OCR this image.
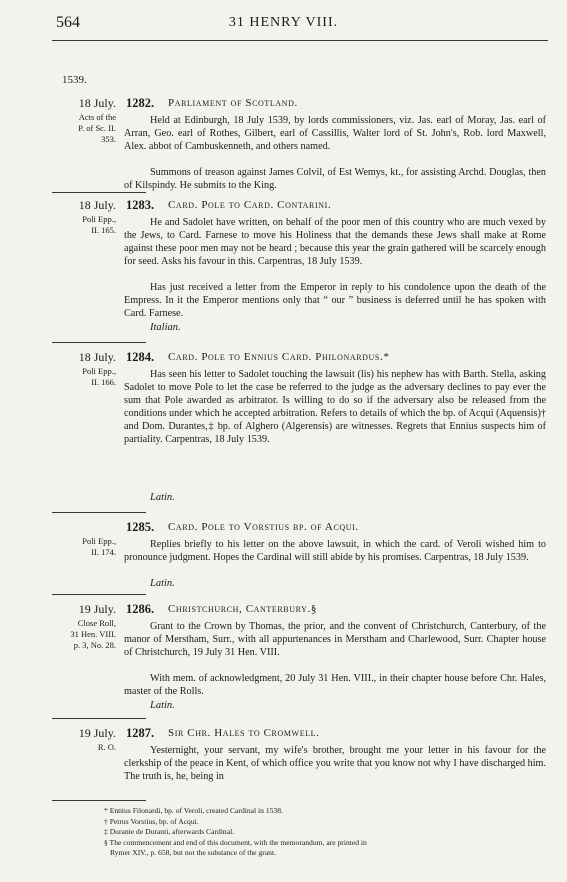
564	31 HENRY VIII.
1539.
18 July.
Acts of the
P. of Sc. II.
353.
1282. Parliament of Scotland.
Held at Edinburgh, 18 July 1539, by lords commissioners, viz. Jas. earl of Moray, Jas. earl of Arran, Geo. earl of Rothes, Gilbert, earl of Cassillis, Walter lord of St. John's, Rob. lord Maxwell, Alex. abbot of Cambuskenneth, and others named.
Summons of treason against James Colvil, of Est Wemys, kt., for assisting Archd. Douglas, then of Kilspindy. He submits to the King.
18 July.
Poli Epp.,
II. 165.
1283. Card. Pole to Card. Contarini.
He and Sadolet have written, on behalf of the poor men of this country who are much vexed by the Jews, to Card. Farnese to move his Holiness that the demands these Jews shall make at Rome against these poor men may not be heard ; because this year the grain gathered will be scarcely enough for seed. Asks his favour in this. Carpentras, 18 July 1539.
Has just received a letter from the Emperor in reply to his condolence upon the death of the Empress. In it the Emperor mentions only that “ our ” business is deferred until he has spoken with Card. Farnese.
Italian.
18 July.
Poli Epp.,
II. 166.
1284. Card. Pole to Ennius Card. Philonardus.*
Has seen his letter to Sadolet touching the lawsuit (lis) his nephew has with Barth. Stella, asking Sadolet to move Pole to let the case be referred to the judge as the adversary declines to pay ever the sum that Pole awarded as arbitrator. Is willing to do so if the adversary also be released from the conditions under which he accepted arbitration. Refers to details of which the bp. of Acqui (Aquensis)† and Dom. Durantes,‡ bp. of Alghero (Algerensis) are witnesses. Regrets that Ennius suspects him of partiality. Carpentras, 18 July 1539.
Latin.
Poli Epp.,
II. 174.
1285. Card. Pole to Vorstius bp. of Acqui.
Replies briefly to his letter on the above lawsuit, in which the card. of Veroli wished him to pronounce judgment. Hopes the Cardinal will still abide by his promises. Carpentras, 18 July 1539.
Latin.
19 July.
Close Roll,
31 Hen. VIII.
p. 3, No. 28.
1286. Christchurch, Canterbury.§
Grant to the Crown by Thomas, the prior, and the convent of Christchurch, Canterbury, of the manor of Merstham, Surr., with all appurtenances in Merstham and Charlewood, Surr. Chapter house of Christchurch, 19 July 31 Hen. VIII.
With mem. of acknowledgment, 20 July 31 Hen. VIII., in their chapter house before Chr. Hales, master of the Rolls.
Latin.
19 July.
R. O.
1287. Sir Chr. Hales to Cromwell.
Yesternight, your servant, my wife's brother, brought me your letter in his favour for the clerkship of the peace in Kent, of which office you write that you know not why I have discharged him. The truth is, he, being in
* Ennius Filonardi, bp. of Veroli, created Cardinal in 1538.
† Petrus Vorstius, bp. of Acqui.
‡ Durante de Duranti, afterwards Cardinal.
§ The commencement and end of this document, with the memorandum, are printed in
Rymer XIV., p. 658, but not the substance of the grant.
